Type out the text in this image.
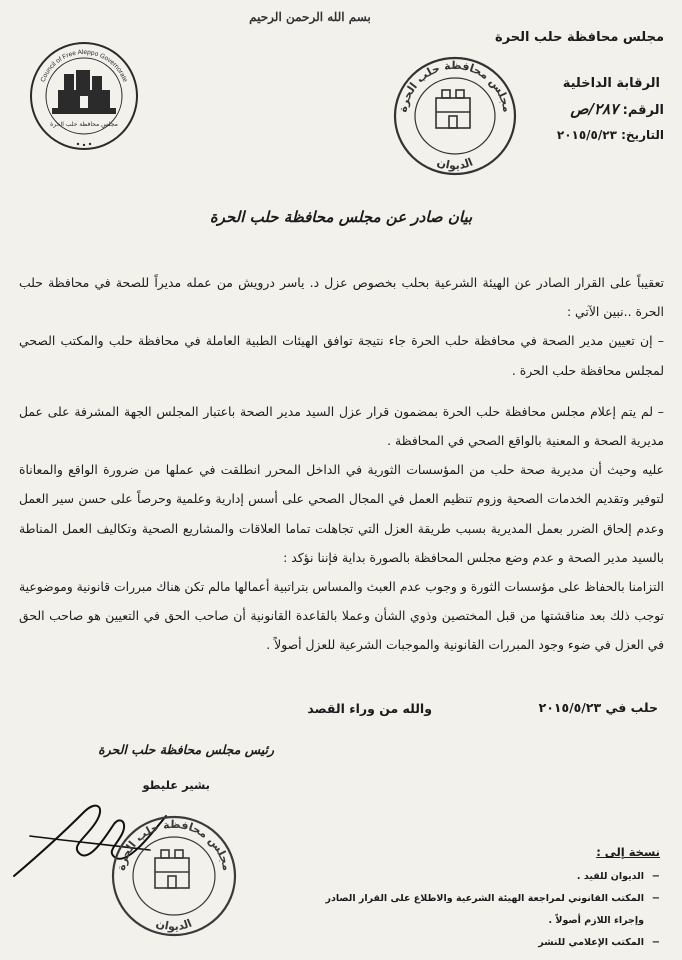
بسم الله الرحمن الرحيم
مجلس محافظة حلب الحرة
الرقابة الداخلية
الرقم: ٢٨٧/ص
التاريخ: ٢٠١٥/٥/٢٣
Council of Free Aleppo Governorate
مجلس محافظة حلب الحرة
مجلس محافظة حلب الحرة
الديوان
بيان صادر عن مجلس محافظة حلب الحرة

تعقيباً على القرار الصادر عن الهيئة الشرعية بحلب بخصوص عزل د. ياسر درويش من عمله مديراً للصحة في محافظة حلب الحرة ..نبين الآتي :

– إن تعيين مدير الصحة في محافظة حلب الحرة جاء نتيجة توافق الهيئات الطبية العاملة في محافظة حلب والمكتب الصحي لمجلس محافظة حلب الحرة .

– لم يتم إعلام مجلس محافظة حلب الحرة بمضمون قرار عزل السيد مدير الصحة باعتبار المجلس الجهة المشرفة على عمل مديرية الصحة و المعنية بالواقع الصحي في المحافظة .

عليه وحيث أن مديرية صحة حلب من المؤسسات الثورية في الداخل المحرر انطلقت في عملها من ضرورة الواقع والمعاناة لتوفير وتقديم الخدمات الصحية وزوم تنظيم العمل في المجال الصحي على أسس إدارية وعلمية وحرصاً على حسن سير العمل وعدم إلحاق الضرر بعمل المديرية بسبب طريقة العزل التي تجاهلت تماما العلاقات والمشاريع الصحية وتكاليف العمل المناطة بالسيد مدير الصحة و عدم وضع مجلس المحافظة بالصورة بداية فإننا نؤكد :

التزامنا بالحفاظ على مؤسسات الثورة و وجوب عدم العبث والمساس بتراتبية أعمالها مالم تكن هناك مبررات قانونية وموضوعية توجب ذلك بعد مناقشتها من قبل المختصين وذوي الشأن وعملا بالقاعدة القانونية أن صاحب الحق في التعيين هو صاحب الحق في العزل في ضوء وجود المبررات القانونية والموجبات الشرعية للعزل أصولاً .

حلب في ٢٠١٥/٥/٢٣
والله من وراء القصد
رئيس مجلس محافظة حلب الحرة
بشير عليطو
مجلس محافظة حلب الحرة
الديوان
نسخة إلى :
−
الديوان للقيد .
−
المكتب القانوني لمراجعة الهيئة الشرعية والاطلاع على القرار الصادر وإجراء اللازم أصولاً .
−
المكتب الإعلامي للنشر
